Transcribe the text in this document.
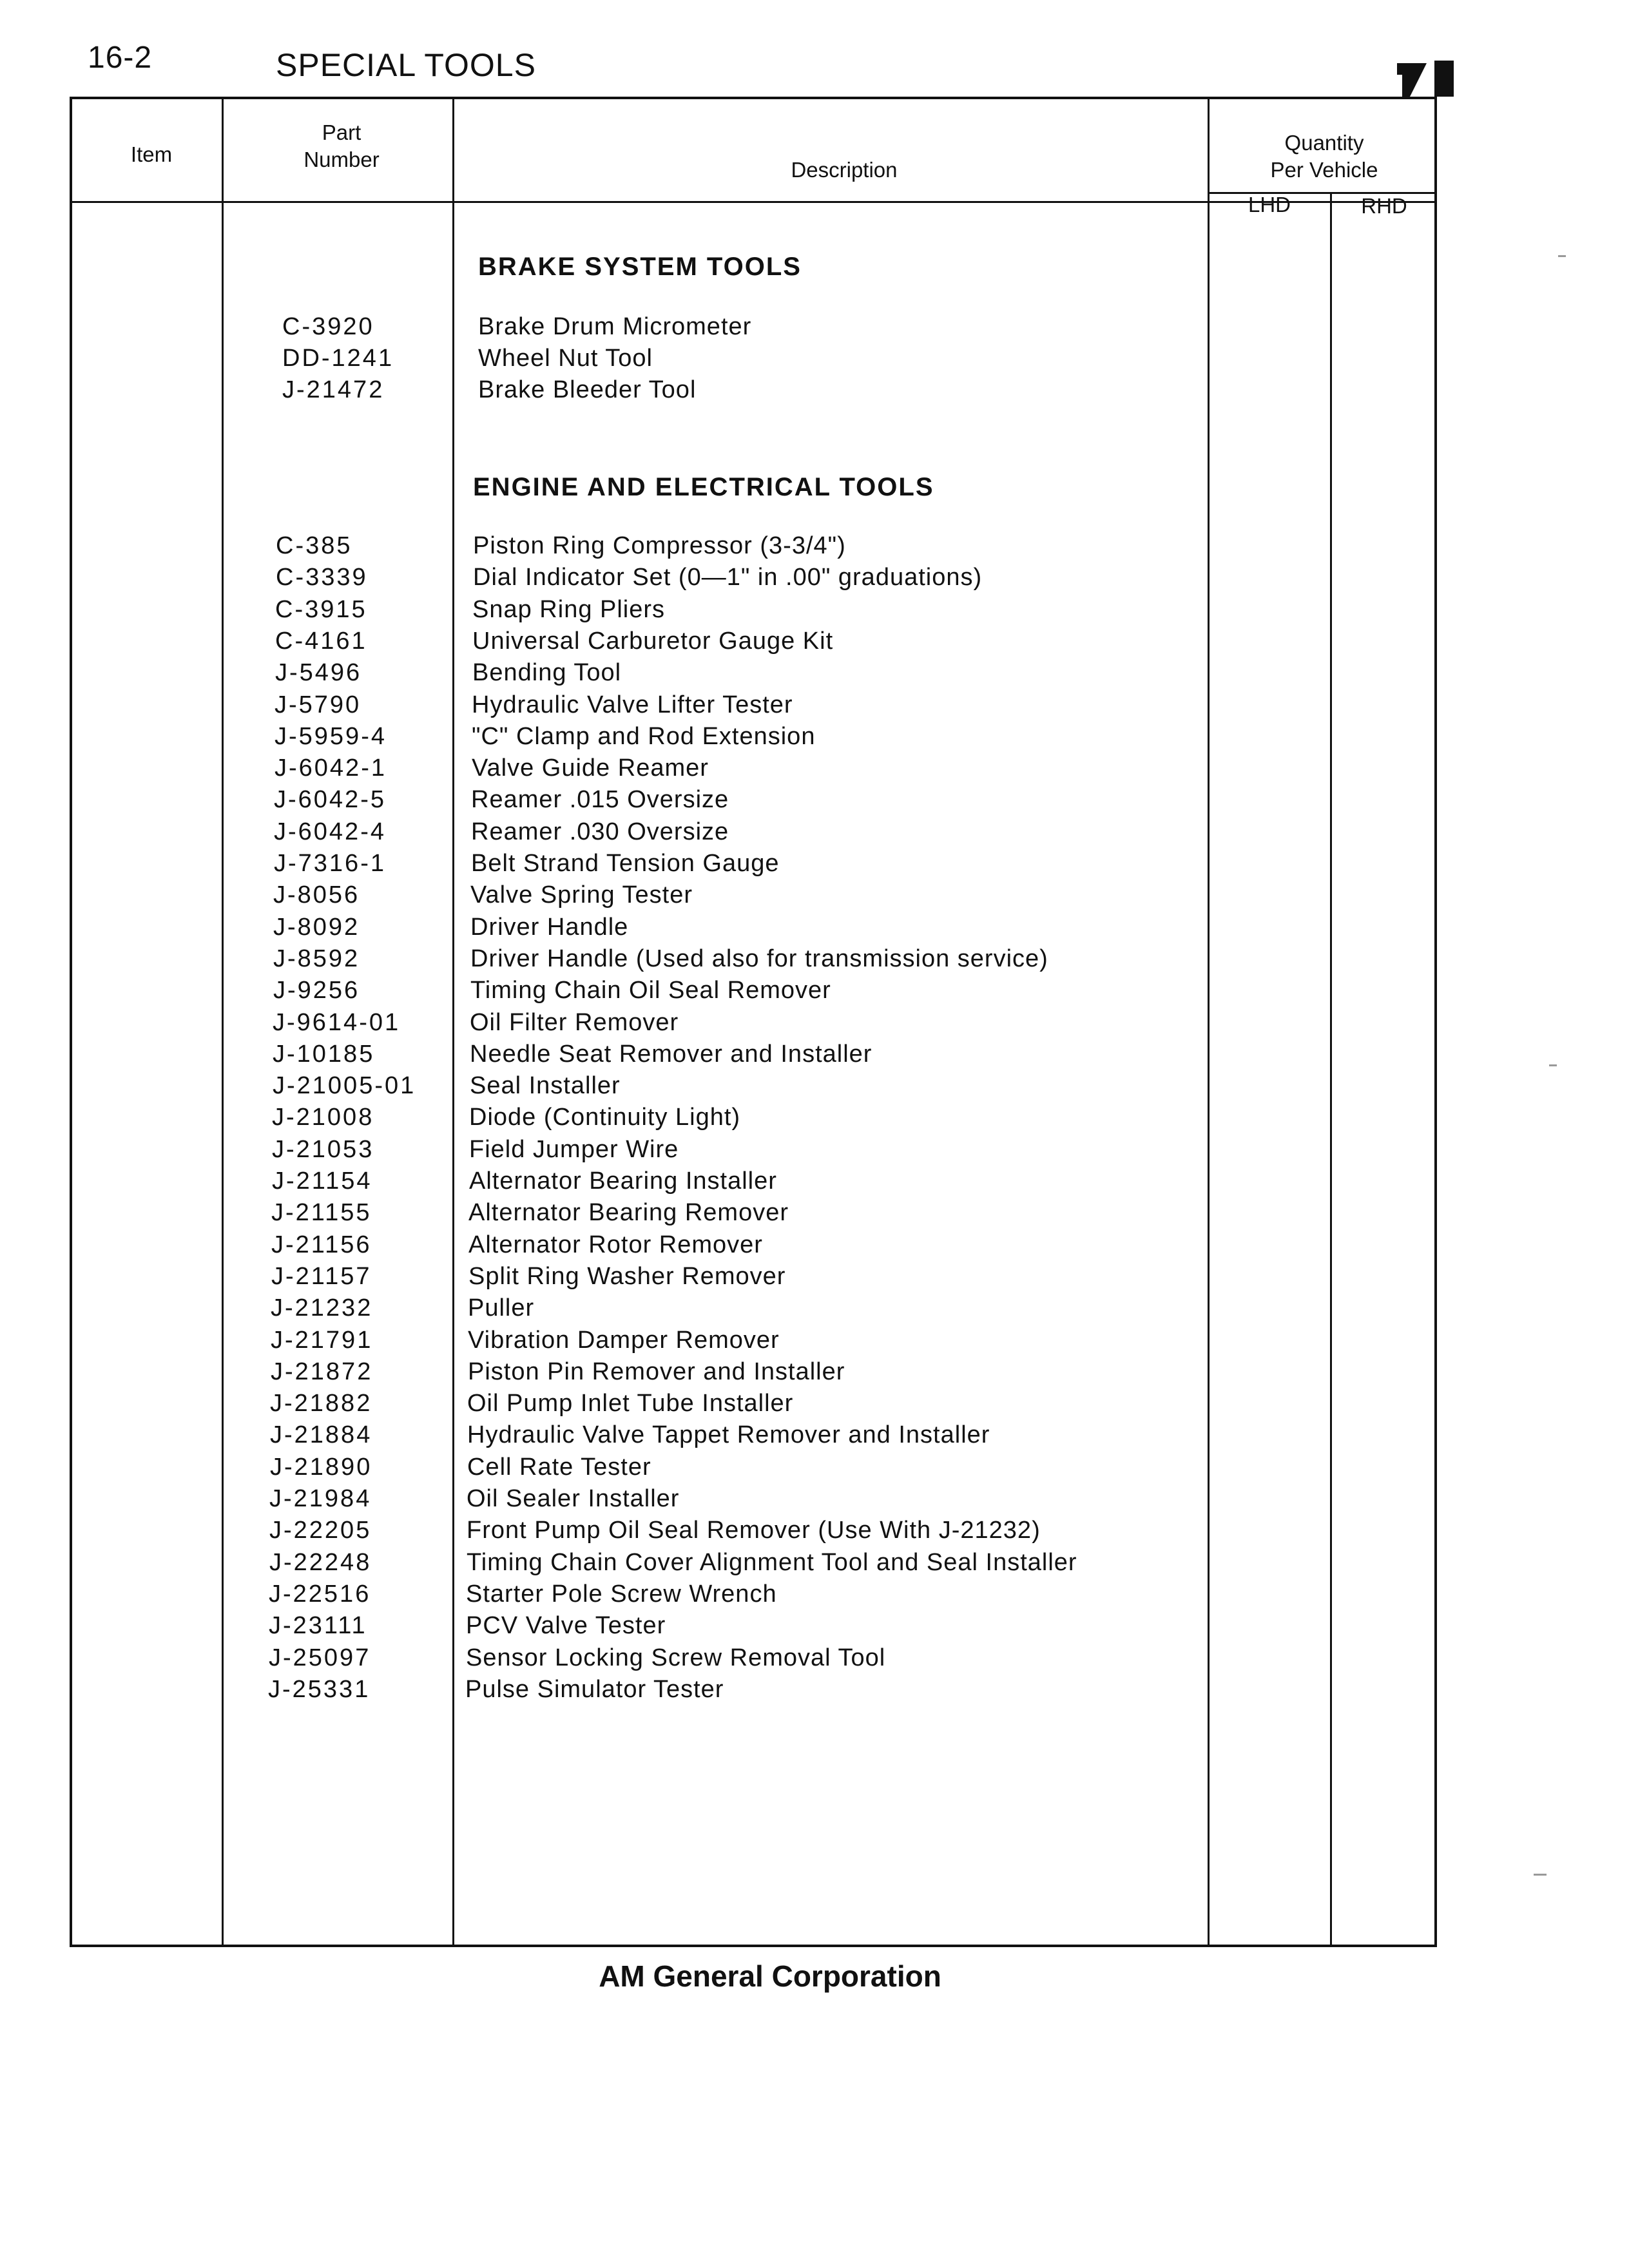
16-2	SPECIAL TOOLS
Item
Part
Number	Description
Quantity
Per Vehicle
LHD	RHD
BRAKE SYSTEM TOOLS
ENGINE AND ELECTRICAL TOOLS
C-3920	Brake Drum Micrometer
DD-1241	Wheel Nut Tool
J-21472	Brake Bleeder Tool
C-385	Piston Ring Compressor (3-3/4")
C-3339	Dial Indicator Set (0—1" in .00" graduations)
C-3915	Snap Ring Pliers
C-4161	Universal Carburetor Gauge Kit
J-5496	Bending Tool
J-5790	Hydraulic Valve Lifter Tester
J-5959-4	"C" Clamp and Rod Extension
J-6042-1	Valve Guide Reamer
J-6042-5	Reamer .015 Oversize
J-6042-4	Reamer .030 Oversize
J-7316-1	Belt Strand Tension Gauge
J-8056	Valve Spring Tester
J-8092	Driver Handle
J-8592	Driver Handle (Used also for transmission service)
J-9256	Timing Chain Oil Seal Remover
J-9614-01	Oil Filter Remover
J-10185	Needle Seat Remover and Installer
J-21005-01 Seal Installer
J-21008	Diode (Continuity Light)
J-21053	Field Jumper Wire
J-21154	Alternator Bearing Installer
J-21155	Alternator Bearing Remover
J-21156	Alternator Rotor Remover
J-21157	Split Ring Washer Remover
J-21232	Puller
J-21791	Vibration Damper Remover
J-21872	Piston Pin Remover and Installer
J-21882	Oil Pump Inlet Tube Installer
J-21884	Hydraulic Valve Tappet Remover and Installer
J-21890	Cell Rate Tester
J-21984	Oil Sealer Installer
J-22205	Front Pump Oil Seal Remover (Use With J-21232)
J-22248	Timing Chain Cover Alignment Tool and Seal Installer
J-22516	Starter Pole Screw Wrench
J-23111	PCV Valve Tester
J-25097	Sensor Locking Screw Removal Tool
J-25331	Pulse Simulator Tester
AM General Corporation
